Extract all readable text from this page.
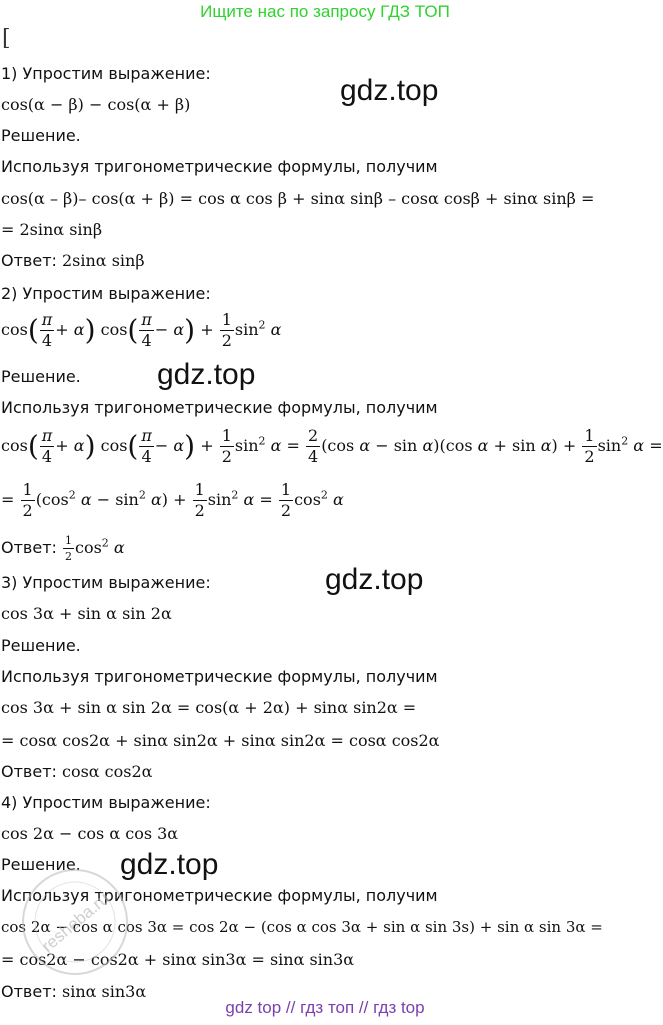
Ищите нас по запросу ГДЗ ТОП
[
gdz.top
gdz.top
gdz.top
gdz.top
1) Упростим выражение:
cos(α − β) − cos(α + β)
Решение.
Используя тригонометрические формулы, получим
cos(α – β)– cos(α + β) = cos α cos β + sinα sinβ – cosα cosβ + sinα sinβ =
= 2sinα sinβ
Ответ: 2sinα sinβ
2) Упростим выражение:
$\cos( \frac{\pi}{4} + \alpha)$ $\cos( \frac{\pi}{4} - \alpha) + \frac{1}{2} \sin^2 \alpha$
Решение.
Используя тригонометрические формулы, получим
$\cos( \frac{\pi}{4} + \alpha)$ $\cos( \frac{\pi}{4} - \alpha) + \frac{1}{2} \sin^2 \alpha = \frac{2}{4} (\cos$ α − sin α)(cos $\alpha + \sin \alpha) + \frac{1}{2} \sin^2 \alpha$ =
= $\frac{1}{2} (\cos^2$ $\alpha - \sin^2 \alpha) + \frac{1}{2} \sin^2 \alpha = \frac{1}{2} \cos^2 \alpha$
Ответ: $\frac{1}{2} \cos^2 \alpha$
3) Упростим выражение:
cos 3α + sin α sin 2α
Решение.
Используя тригонометрические формулы, получим
cos 3α + sin α sin 2α = cos(α + 2α) + sinα sin2α =
= cosα cos2α + sinα sin2α + sinα sin2α = cosα cos2α
Ответ: cosα cos2α
4) Упростим выражение:
cos 2α − cos α cos 3α
Решение.
Используя тригонометрические формулы, получим
cos 2α − cos α cos 3α = cos 2α − (cos α cos 3α + sin α sin 3s) + sin α sin 3α =
= cos2α − cos2α + sinα sin3α = sinα sin3α
Ответ: sinα sin3α
resheba.ru
gdz top // гдз топ // гдз top
